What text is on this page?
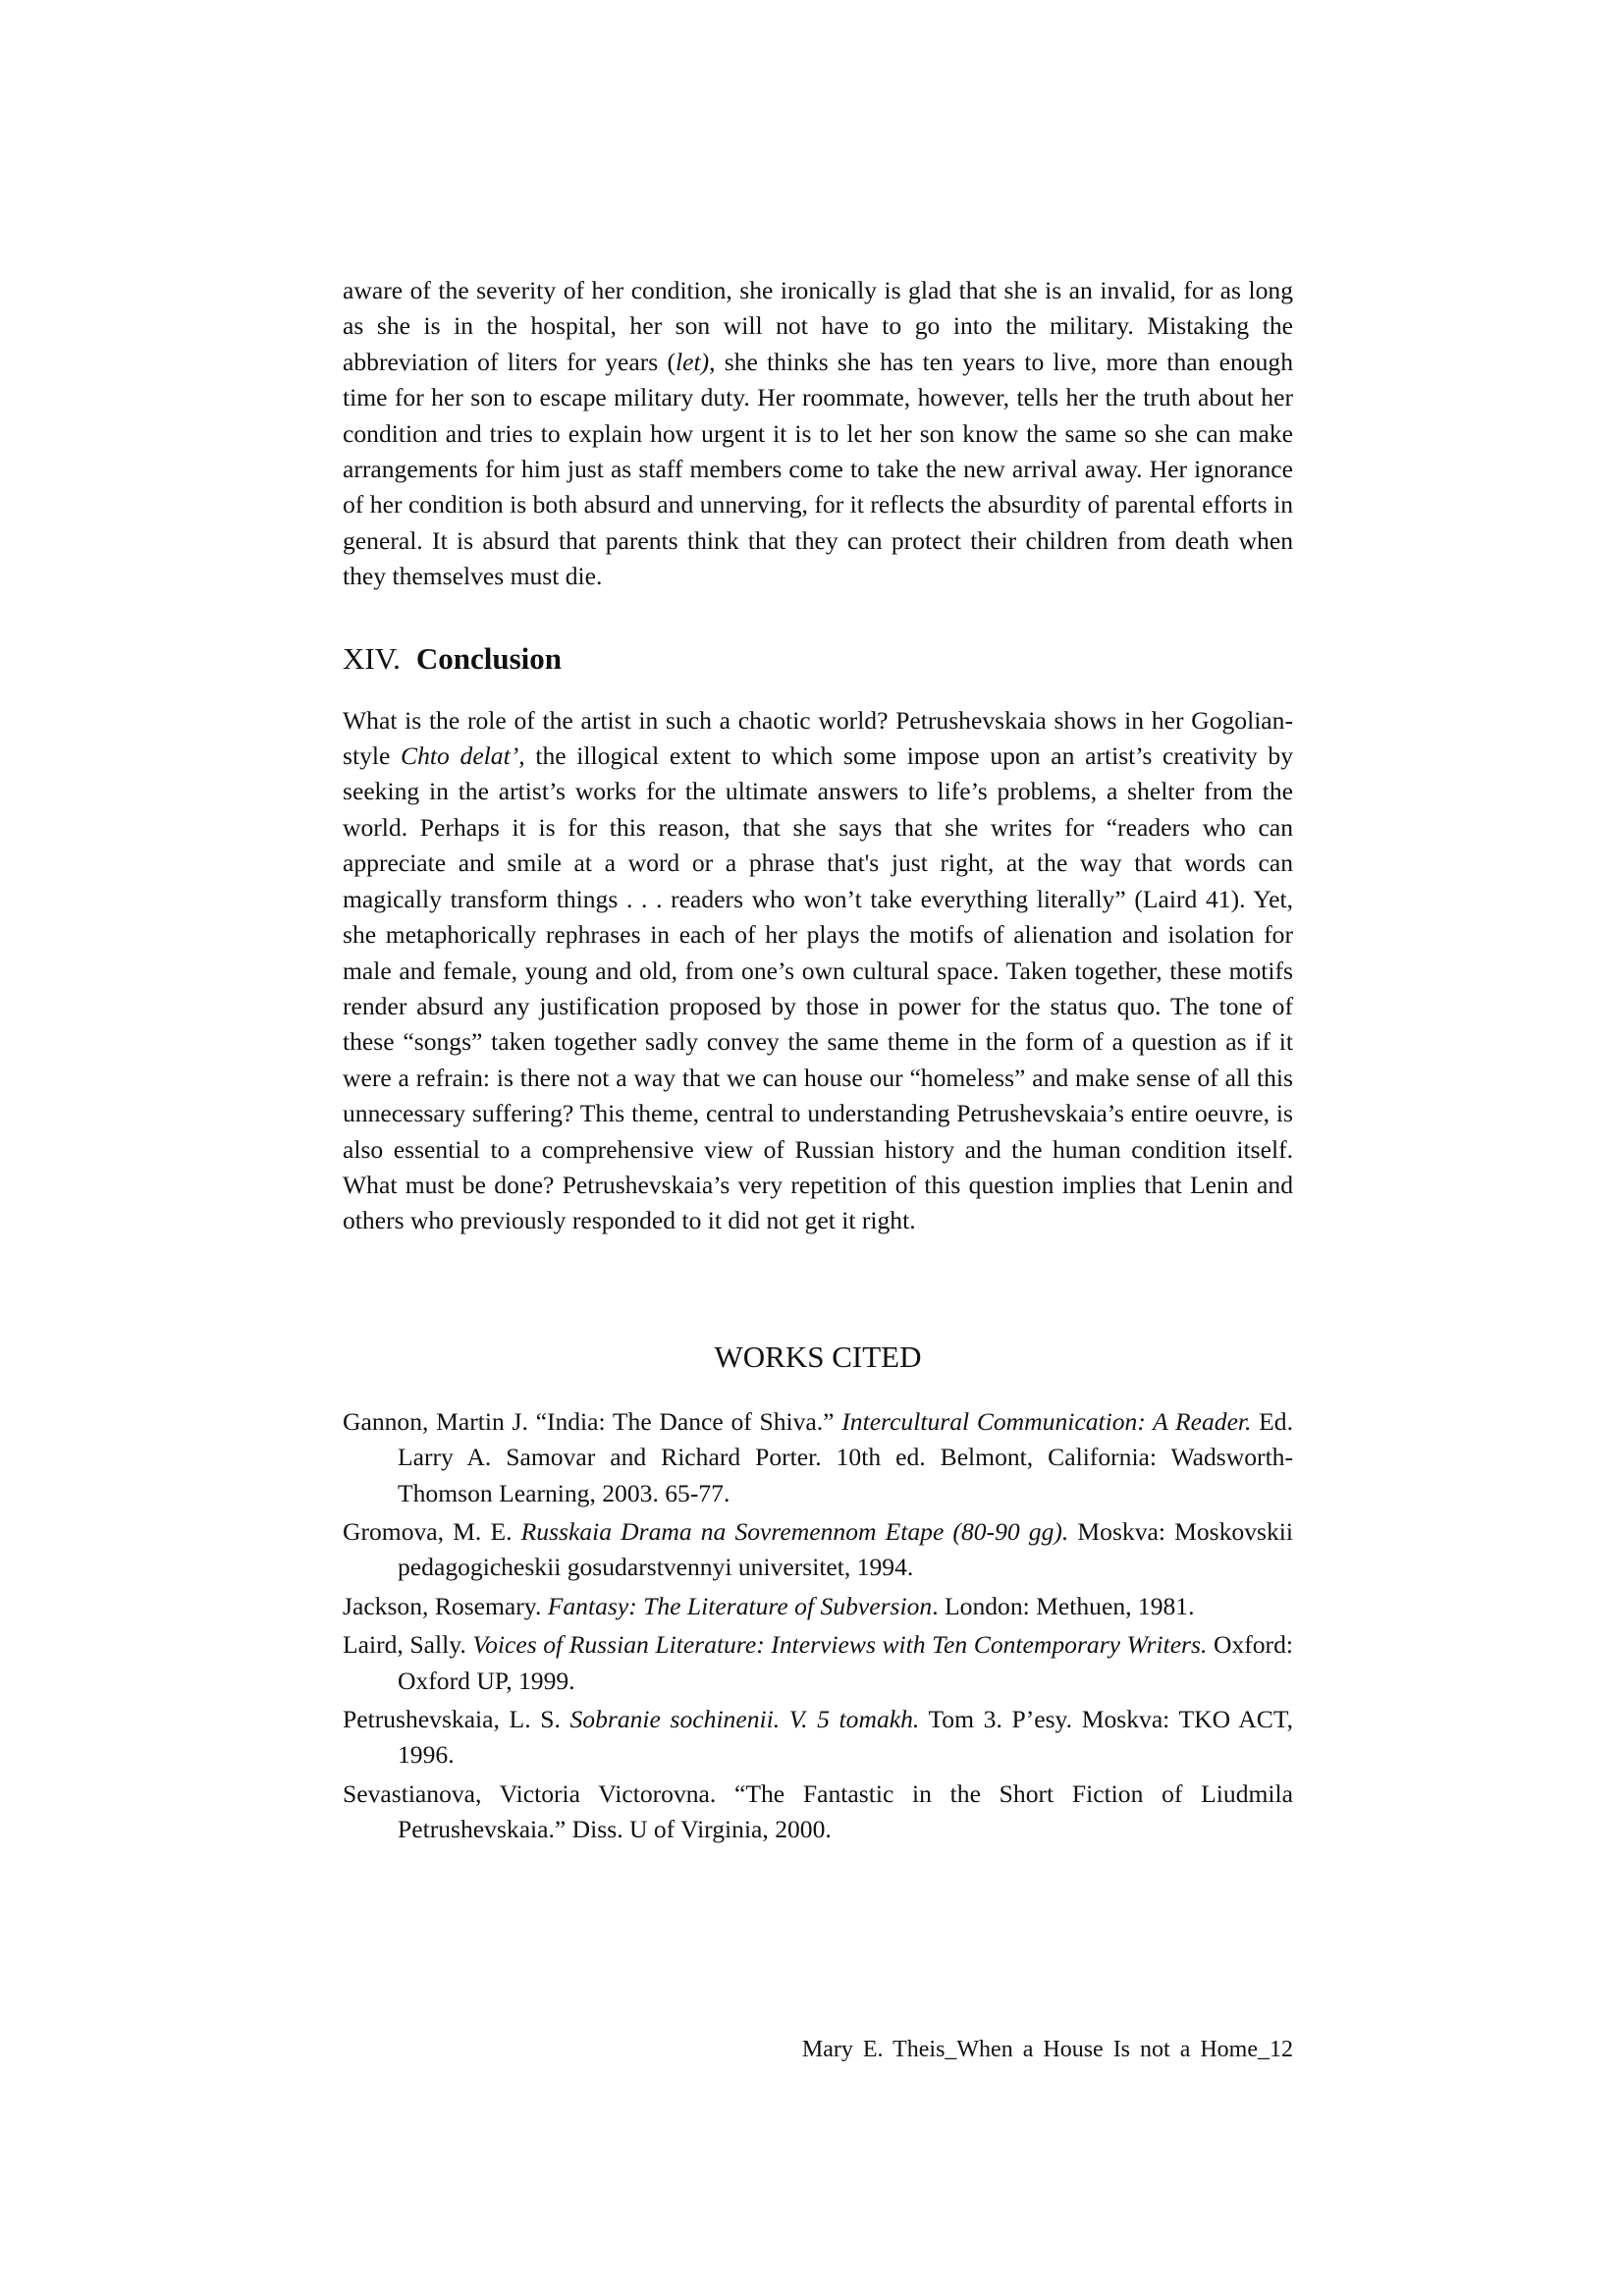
aware of the severity of her condition, she ironically is glad that she is an invalid, for as long as she is in the hospital, her son will not have to go into the military. Mistaking the abbreviation of liters for years (let), she thinks she has ten years to live, more than enough time for her son to escape military duty. Her roommate, however, tells her the truth about her condition and tries to explain how urgent it is to let her son know the same so she can make arrangements for him just as staff members come to take the new arrival away. Her ignorance of her condition is both absurd and unnerving, for it reflects the absurdity of parental efforts in general. It is absurd that parents think that they can protect their children from death when they themselves must die.

XIV. Conclusion

What is the role of the artist in such a chaotic world? Petrushevskaia shows in her Gogolian-style Chto delat’, the illogical extent to which some impose upon an artist’s creativity by seeking in the artist’s works for the ultimate answers to life’s problems, a shelter from the world. Perhaps it is for this reason, that she says that she writes for “readers who can appreciate and smile at a word or a phrase that's just right, at the way that words can magically transform things . . . readers who won’t take everything literally” (Laird 41). Yet, she metaphorically rephrases in each of her plays the motifs of alienation and isolation for male and female, young and old, from one’s own cultural space. Taken together, these motifs render absurd any justification proposed by those in power for the status quo. The tone of these “songs” taken together sadly convey the same theme in the form of a question as if it were a refrain: is there not a way that we can house our “homeless” and make sense of all this unnecessary suffering? This theme, central to understanding Petrushevskaia’s entire oeuvre, is also essential to a comprehensive view of Russian history and the human condition itself. What must be done? Petrushevskaia’s very repetition of this question implies that Lenin and others who previously responded to it did not get it right.

WORKS CITED

Gannon, Martin J. “India: The Dance of Shiva.” Intercultural Communication: A Reader. Ed. Larry A. Samovar and Richard Porter. 10th ed. Belmont, California: Wadsworth-Thomson Learning, 2003. 65-77.

Gromova, M. E. Russkaia Drama na Sovremennom Etape (80-90 gg). Moskva: Moskovskii pedagogicheskii gosudarstvennyi universitet, 1994.

Jackson, Rosemary. Fantasy: The Literature of Subversion. London: Methuen, 1981.

Laird, Sally. Voices of Russian Literature: Interviews with Ten Contemporary Writers. Oxford: Oxford UP, 1999.

Petrushevskaia, L. S. Sobranie sochinenii. V. 5 tomakh. Tom 3. P’esy. Moskva: TKO ACT, 1996.

Sevastianova, Victoria Victorovna. “The Fantastic in the Short Fiction of Liudmila Petrushevskaia.” Diss. U of Virginia, 2000.

Mary E. Theis_When a House Is not a Home_12
